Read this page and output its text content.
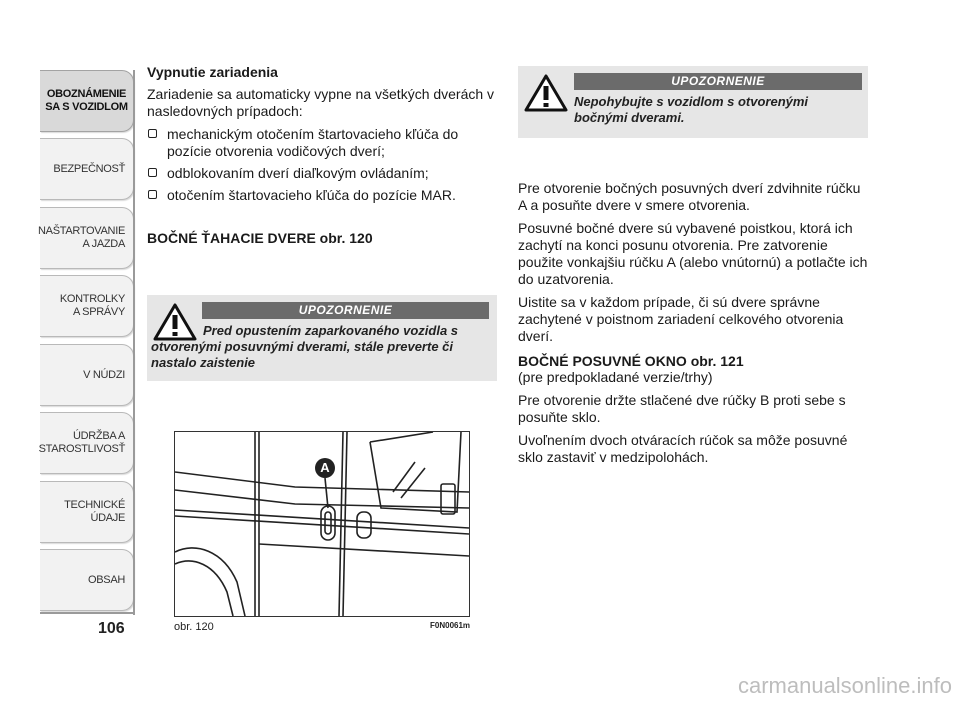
OBOZNÁMENIE
SA S VOZIDLOM
BEZPEČNOSŤ
NAŠTARTOVANIE
A JAZDA
KONTROLKY
A SPRÁVY
V NÚDZI
ÚDRŽBA A
STAROSTLIVOSŤ
TECHNICKÉ
ÚDAJE
OBSAH
106
Vypnutie zariadenia

Zariadenie sa automaticky vypne na všetkých dverách v nasledovných prípadoch:

mechanickým otočením štartovacieho kľúča do pozície otvorenia vodičových dverí;
odblokovaním dverí diaľkovým ovládaním;
otočením štartovacieho kľúča do pozície MAR.
BOČNÉ ŤAHACIE DVERE obr. 120
UPOZORNENIE
Pred opustením zaparkovaného vozidla s otvorenými posuvnými dverami, stále preverte či nastalo zaistenie
A
obr. 120	F0N0061m
UPOZORNENIE
Nepohybujte s vozidlom s otvorenými bočnými dverami.

Pre otvorenie bočných posuvných dverí zdvihnite rúčku A a posuňte dvere v smere otvorenia.

Posuvné bočné dvere sú vybavené poistkou, ktorá ich zachytí na konci posunu otvorenia. Pre zatvorenie použite vonkajšiu rúčku A (alebo vnútornú) a potlačte ich do uzatvorenia.

Uistite sa v každom prípade, či sú dvere správne zachytené v poistnom zariadení celkového otvorenia dverí.

BOČNÉ POSUVNÉ OKNO obr. 121

(pre predpokladané verzie/trhy)

Pre otvorenie držte stlačené dve rúčky B proti sebe s posuňte sklo.

Uvoľnením dvoch otváracích rúčok sa môže posuvné sklo zastaviť v medzipolohách.

carmanualsonline.info
